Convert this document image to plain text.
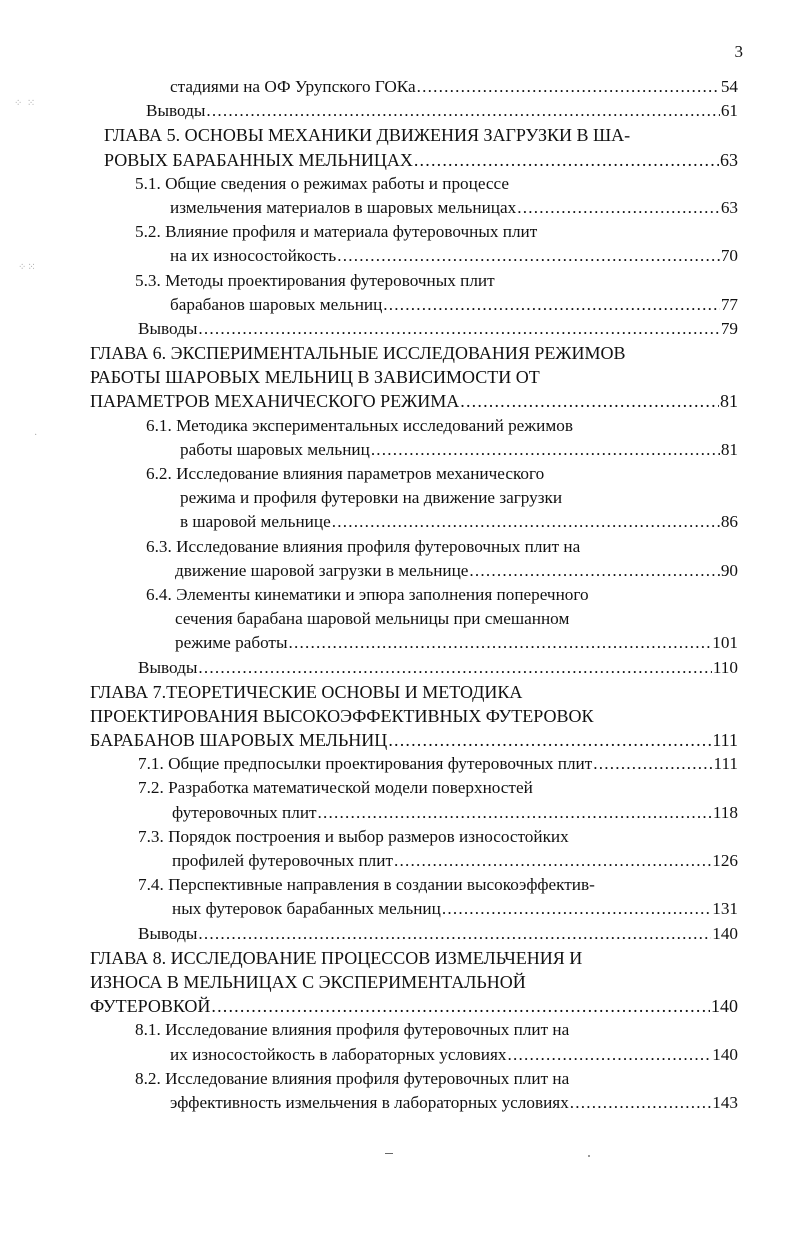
3
⁘ ⁙
⁘⁙
·
стадиями на ОФ Урупского ГОКа .....	54
Выводы .....	61
ГЛАВА 5. ОСНОВЫ МЕХАНИКИ ДВИЖЕНИЯ ЗАГРУЗКИ В ША-
РОВЫХ БАРАБАННЫХ МЕЛЬНИЦАХ .....	63
5.1. Общие сведения о режимах работы и процессе
измельчения материалов в шаровых мельницах .....	63
5.2. Влияние профиля и материала футеровочных плит
на их износостойкость .....	70
5.3. Методы проектирования футеровочных плит
барабанов шаровых мельниц .....	77
Выводы .....	79
ГЛАВА 6. ЭКСПЕРИМЕНТАЛЬНЫЕ ИССЛЕДОВАНИЯ РЕЖИМОВ
РАБОТЫ ШАРОВЫХ МЕЛЬНИЦ В ЗАВИСИМОСТИ ОТ
ПАРАМЕТРОВ МЕХАНИЧЕСКОГО РЕЖИМА .....	81
6.1. Методика экспериментальных исследований режимов
работы шаровых мельниц .....	81
6.2. Исследование влияния параметров механического
режима и профиля футеровки на движение загрузки
в шаровой мельнице .....	86
6.3. Исследование влияния профиля футеровочных плит на
движение шаровой загрузки в мельнице .....	90
6.4. Элементы кинематики и эпюра заполнения поперечного
сечения барабана шаровой мельницы при смешанном
режиме работы .....	101
Выводы .....	110
ГЛАВА 7.ТЕОРЕТИЧЕСКИЕ ОСНОВЫ И МЕТОДИКА
ПРОЕКТИРОВАНИЯ ВЫСОКОЭФФЕКТИВНЫХ ФУТЕРОВОК
БАРАБАНОВ ШАРОВЫХ МЕЛЬНИЦ .....	111
7.1. Общие предпосылки проектирования футеровочных плит .....	111
7.2. Разработка математической модели поверхностей
футеровочных плит .....	118
7.3. Порядок построения и выбор размеров износостойких
профилей футеровочных плит .....	126
7.4. Перспективные направления в создании высокоэффектив-
ных футеровок барабанных мельниц .....	131
Выводы .....	140
ГЛАВА 8. ИССЛЕДОВАНИЕ ПРОЦЕССОВ ИЗМЕЛЬЧЕНИЯ И
ИЗНОСА В МЕЛЬНИЦАХ С ЭКСПЕРИМЕНТАЛЬНОЙ
ФУТЕРОВКОЙ .....	140
8.1. Исследование влияния профиля футеровочных плит на
их износостойкость в лабораторных условиях .....	140
8.2. Исследование влияния профиля футеровочных плит на
эффективность измельчения в лабораторных условиях .....	143
